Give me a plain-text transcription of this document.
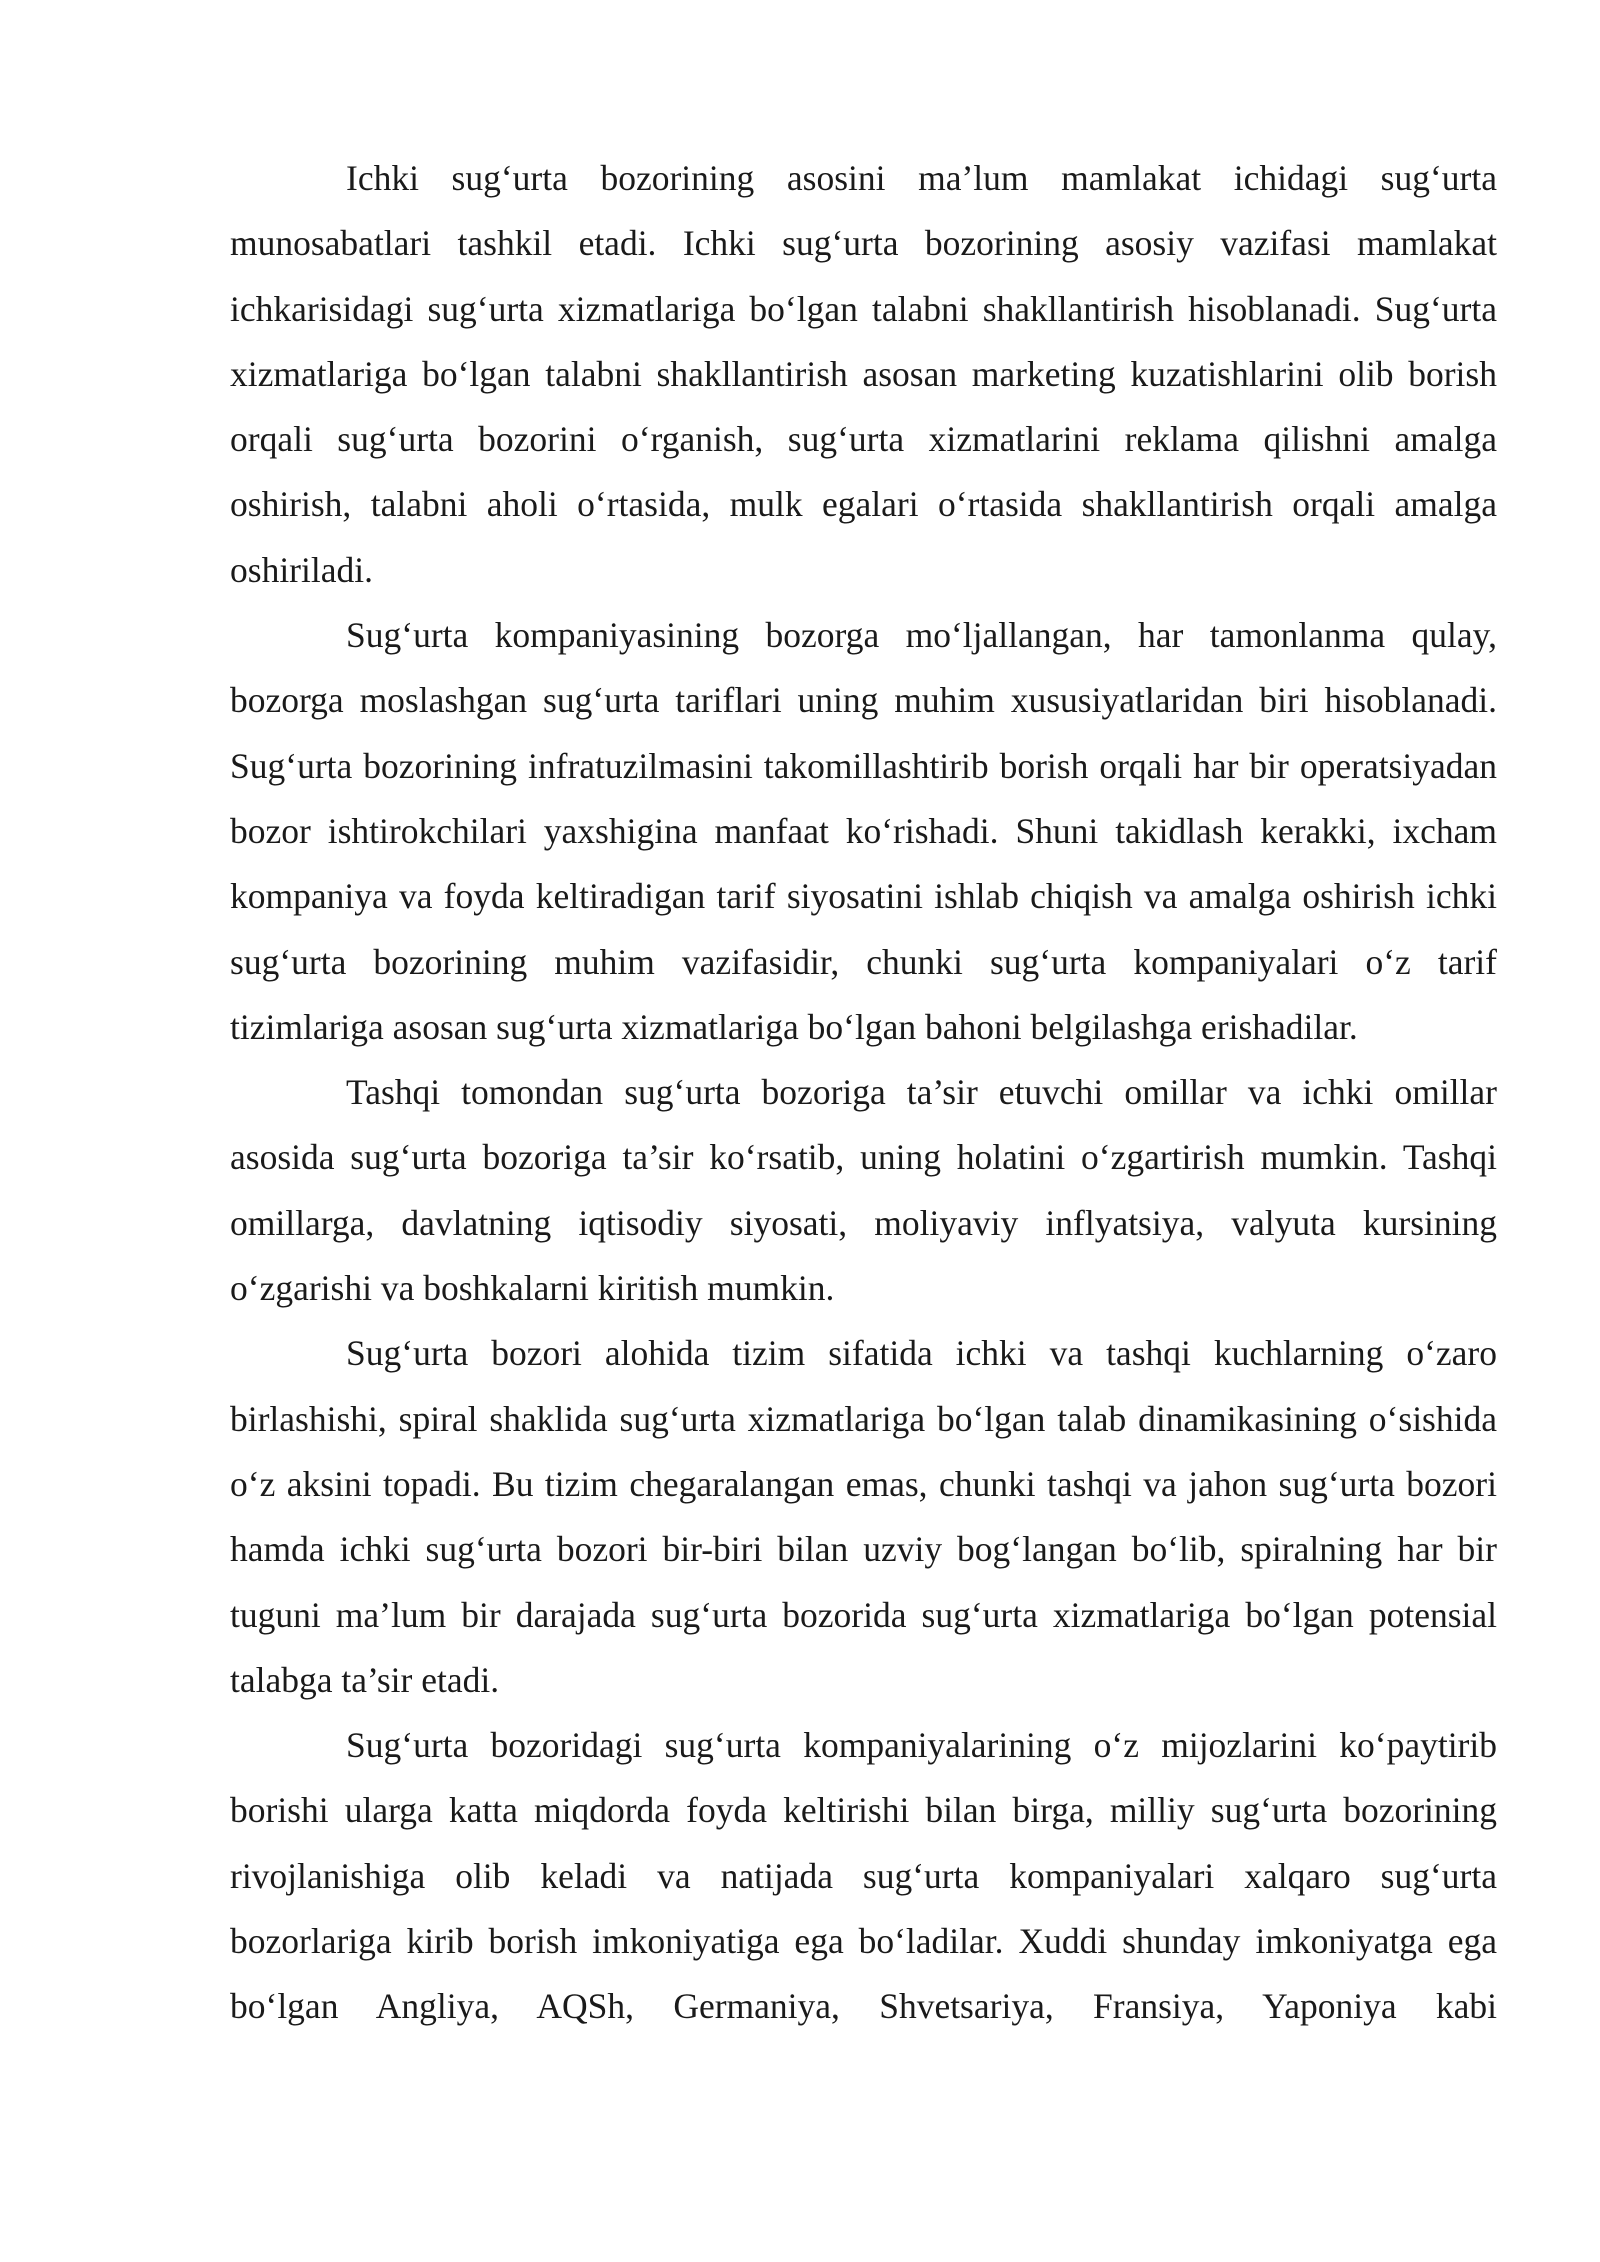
Ichki sug‘urta bozorining asosini ma’lum mamlakat ichidagi sug‘urta munosabatlari tashkil etadi. Ichki sug‘urta bozorining asosiy vazifasi mamlakat ichkarisidagi sug‘urta xizmatlariga bo‘lgan talabni shakllantirish hisoblanadi. Sug‘urta xizmatlariga bo‘lgan talabni shakllantirish asosan marketing kuzatishlarini olib borish orqali sug‘urta bozorini o‘rganish, sug‘urta xizmatlarini reklama qilishni amalga oshirish, talabni aholi o‘rtasida, mulk egalari o‘rtasida shakllantirish orqali amalga oshiriladi.

Sug‘urta kompaniyasining bozorga mo‘ljallangan, har tamonlanma qulay, bozorga moslashgan sug‘urta tariflari uning muhim xususiyatlaridan biri hisoblanadi. Sug‘urta bozorining infratuzilmasini takomillashtirib borish orqali har bir operatsiyadan bozor ishtirokchilari yaxshigina manfaat ko‘rishadi. Shuni takidlash kerakki, ixcham kompaniya va foyda keltiradigan tarif siyosatini ishlab chiqish va amalga oshirish ichki sug‘urta bozorining muhim vazifasidir, chunki sug‘urta kompaniyalari o‘z tarif tizimlariga asosan sug‘urta xizmatlariga bo‘lgan bahoni belgilashga erishadilar.

Tashqi tomondan sug‘urta bozoriga ta’sir etuvchi omillar va ichki omillar asosida sug‘urta bozoriga ta’sir ko‘rsatib, uning holatini o‘zgartirish mumkin. Tashqi omillarga, davlatning iqtisodiy siyosati, moliyaviy inflyatsiya, valyuta kursining o‘zgarishi va boshkalarni kiritish mumkin.

Sug‘urta bozori alohida tizim sifatida ichki va tashqi kuchlarning o‘zaro birlashishi, spiral shaklida sug‘urta xizmatlariga bo‘lgan talab dinamikasining o‘sishida o‘z aksini topadi. Bu tizim chegaralangan emas, chunki tashqi va jahon sug‘urta bozori hamda ichki sug‘urta bozori bir-biri bilan uzviy bog‘langan bo‘lib, spiralning har bir tuguni ma’lum bir darajada sug‘urta bozorida sug‘urta xizmatlariga bo‘lgan potensial talabga ta’sir etadi.

Sug‘urta bozoridagi sug‘urta kompaniyalarining o‘z mijozlarini ko‘paytirib borishi ularga katta miqdorda foyda keltirishi bilan birga, milliy sug‘urta bozorining rivojlanishiga olib keladi va natijada sug‘urta kompaniyalari xalqaro sug‘urta bozorlariga kirib borish imkoniyatiga ega bo‘ladilar. Xuddi shunday imkoniyatga ega bo‘lgan Angliya, AQSh, Germaniya, Shvetsariya, Fransiya, Yaponiya kabi
